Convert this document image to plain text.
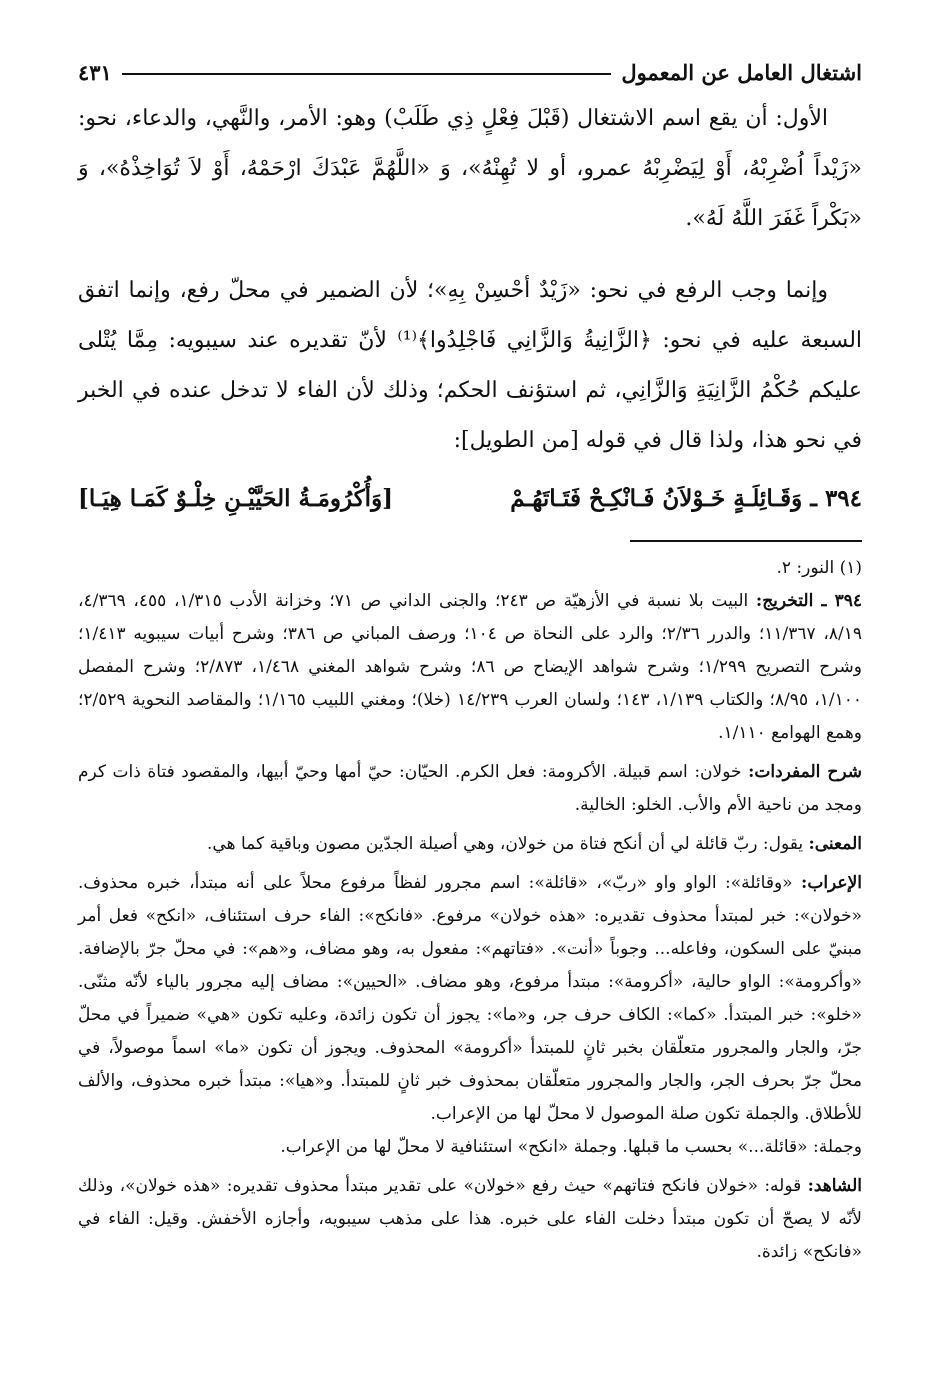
اشتغال العامل عن المعمول
٤٣١

الأول: أن يقع اسم الاشتغال (قَبْلَ فِعْلٍ ذِي طَلَبْ) وهو: الأمر، والنَّهي، والدعاء، نحو: «زَيْداً اُضْرِبْهُ، أَوْ لِيَضْرِبْهُ عمرو، أو لا تُهِنْهُ»، وَ «اللَّهُمَّ عَبْدَكَ ارْحَمْهُ، أَوْ لاَ تُوَاخِذْهُ»، وَ «بَكْراً غَفَرَ اللَّهُ لَهُ».

وإنما وجب الرفع في نحو: «زَيْدٌ أحْسِنْ بِهِ»؛ لأن الضمير في محلّ رفع، وإنما اتفق السبعة عليه في نحو: ﴿الزَّانِيةُ وَالزَّانِي فَاجْلِدُوا﴾⁽¹⁾ لأنّ تقديره عند سيبويه: مِمَّا يُتْلى عليكم حُكْمُ الزَّانِيَةِ وَالزَّانِي، ثم استؤنف الحكم؛ وذلك لأن الفاء لا تدخل عنده في الخبر في نحو هذا، ولذا قال في قوله [من الطويل]:

٣٩٤ ـ
وَقَـائِلَـةٍ خَـوْلاَنُ فَـانْكِـحْ فَتَـاتَهُـمْ
[وَأُكْرُومَـةُ الحَيَّيْـنِ خِلْـوٌ كَمَـا هِيَـا]

(١) النور: ٢.

٣٩٤ ـ التخريج: البيت بلا نسبة في الأزهيّة ص ٢٤٣؛ والجنى الداني ص ٧١؛ وخزانة الأدب ١/٣١٥، ٤٥٥، ٤/٣٦٩، ٨/١٩، ١١/٣٦٧؛ والدرر ٢/٣٦؛ والرد على النحاة ص ١٠٤؛ ورصف المباني ص ٣٨٦؛ وشرح أبيات سيبويه ١/٤١٣؛ وشرح التصريح ١/٢٩٩؛ وشرح شواهد الإيضاح ص ٨٦؛ وشرح شواهد المغني ١/٤٦٨، ٢/٨٧٣؛ وشرح المفصل ١/١٠٠، ٨/٩٥؛ والكتاب ١/١٣٩، ١٤٣؛ ولسان العرب ١٤/٢٣٩ (خلا)؛ ومغني اللبيب ١/١٦٥؛ والمقاصد النحوية ٢/٥٢٩؛ وهمع الهوامع ١/١١٠.

شرح المفردات: خولان: اسم قبيلة. الأكرومة: فعل الكرم. الحيّان: حيّ أمها وحيّ أبيها، والمقصود فتاة ذات كرم ومجد من ناحية الأم والأب. الخلو: الخالية.

المعنى: يقول: ربّ قائلة لي أن أنكح فتاة من خولان، وهي أصيلة الجدّين مصون وباقية كما هي.

الإعراب: «وقائلة»: الواو واو «ربّ»، «قائلة»: اسم مجرور لفظاً مرفوع محلاً على أنه مبتدأ، خبره محذوف. «خولان»: خبر لمبتدأ محذوف تقديره: «هذه خولان» مرفوع. «فانكح»: الفاء حرف استئناف، «انكح» فعل أمر مبنيّ على السكون، وفاعله... وجوباً «أنت». «فتاتهم»: مفعول به، وهو مضاف، و«هم»: في محلّ جرّ بالإضافة. «وأكرومة»: الواو حالية، «أكرومة»: مبتدأ مرفوع، وهو مضاف. «الحيين»: مضاف إليه مجرور بالياء لأنّه مثنّى. «خلو»: خبر المبتدأ. «كما»: الكاف حرف جر، و«ما»: يجوز أن تكون زائدة، وعليه تكون «هي» ضميراً في محلّ جرّ، والجار والمجرور متعلّقان بخبر ثانٍ للمبتدأ «أكرومة» المحذوف. ويجوز أن تكون «ما» اسماً موصولاً، في محلّ جرّ بحرف الجر، والجار والمجرور متعلّقان بمحذوف خبر ثانٍ للمبتدأ. و«هيا»: مبتدأ خبره محذوف، والألف للأطلاق. والجملة تكون صلة الموصول لا محلّ لها من الإعراب.

وجملة: «قائلة...» بحسب ما قبلها. وجملة «انكح» استئنافية لا محلّ لها من الإعراب.

الشاهد: قوله: «خولان فانكح فتاتهم» حيث رفع «خولان» على تقدير مبتدأ محذوف تقديره: «هذه خولان»، وذلك لأنّه لا يصحّ أن تكون مبتدأ دخلت الفاء على خبره. هذا على مذهب سيبويه، وأجازه الأخفش. وقيل: الفاء في «فانكح» زائدة.
